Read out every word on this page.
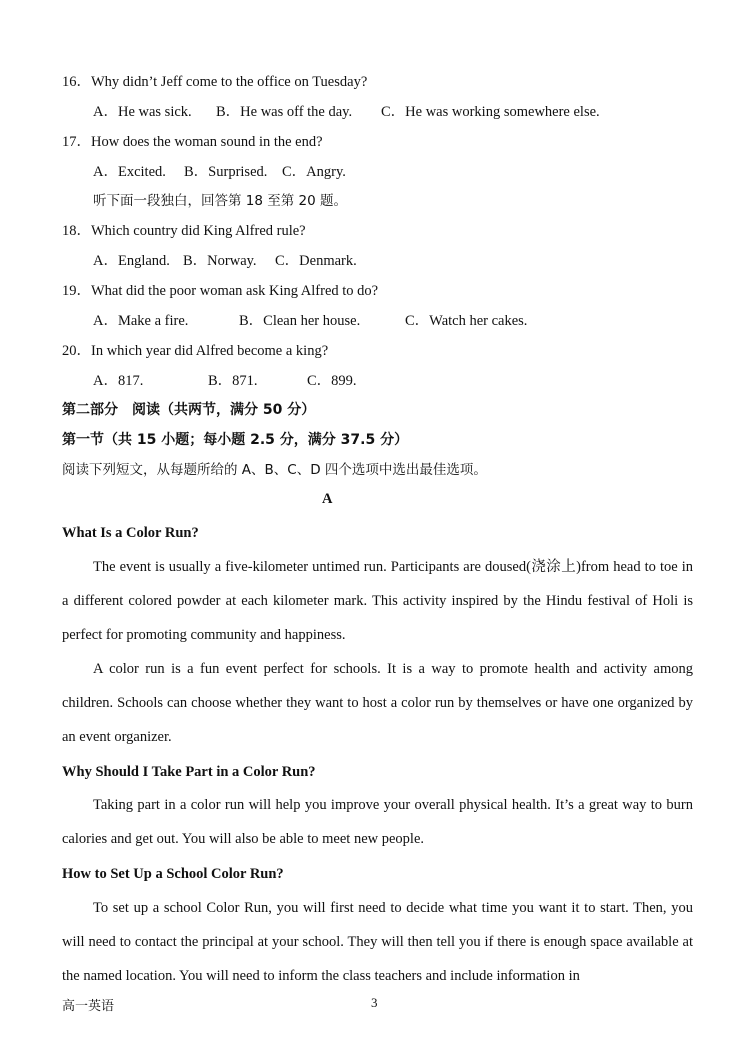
16．Why didn’t Jeff come to the office on Tuesday?
A．He was sick. B．He was off the day. C．He was working somewhere else.
17．How does the woman sound in the end?
A．Excited. B．Surprised. C．Angry.
听下面一段独白，回答第 18 至第 20 题。
18．Which country did King Alfred rule?
A．England. B．Norway. C．Denmark.
19．What did the poor woman ask King Alfred to do?
A．Make a fire.	B．Clean her house.	C．Watch her cakes.
20．In which year did Alfred become a king?
A．817.	B．871.	C．899.
第二部分　阅读（共两节，满分 50 分）
第一节（共 15 小题；每小题 2.5 分，满分 37.5 分）
阅读下列短文，从每题所给的 A、B、C、D 四个选项中选出最佳选项。
A
What Is a Color Run?

The event is usually a five-kilometer untimed run. Participants are doused(浇涂上)from head to toe in a different colored powder at each kilometer mark. This activity inspired by the Hindu festival of Holi is perfect for promoting community and happiness.

A color run is a fun event perfect for schools. It is a way to promote health and activity among children. Schools can choose whether they want to host a color run by themselves or have one organized by an event organizer.

Why Should I Take Part in a Color Run?

Taking part in a color run will help you improve your overall physical health. It’s a great way to burn calories and get out. You will also be able to meet new people.

How to Set Up a School Color Run?

To set up a school Color Run, you will first need to decide what time you want it to start. Then, you will need to contact the principal at your school. They will then tell you if there is enough space available at the named location. You will need to inform the class teachers and include information in

高一英语	3
